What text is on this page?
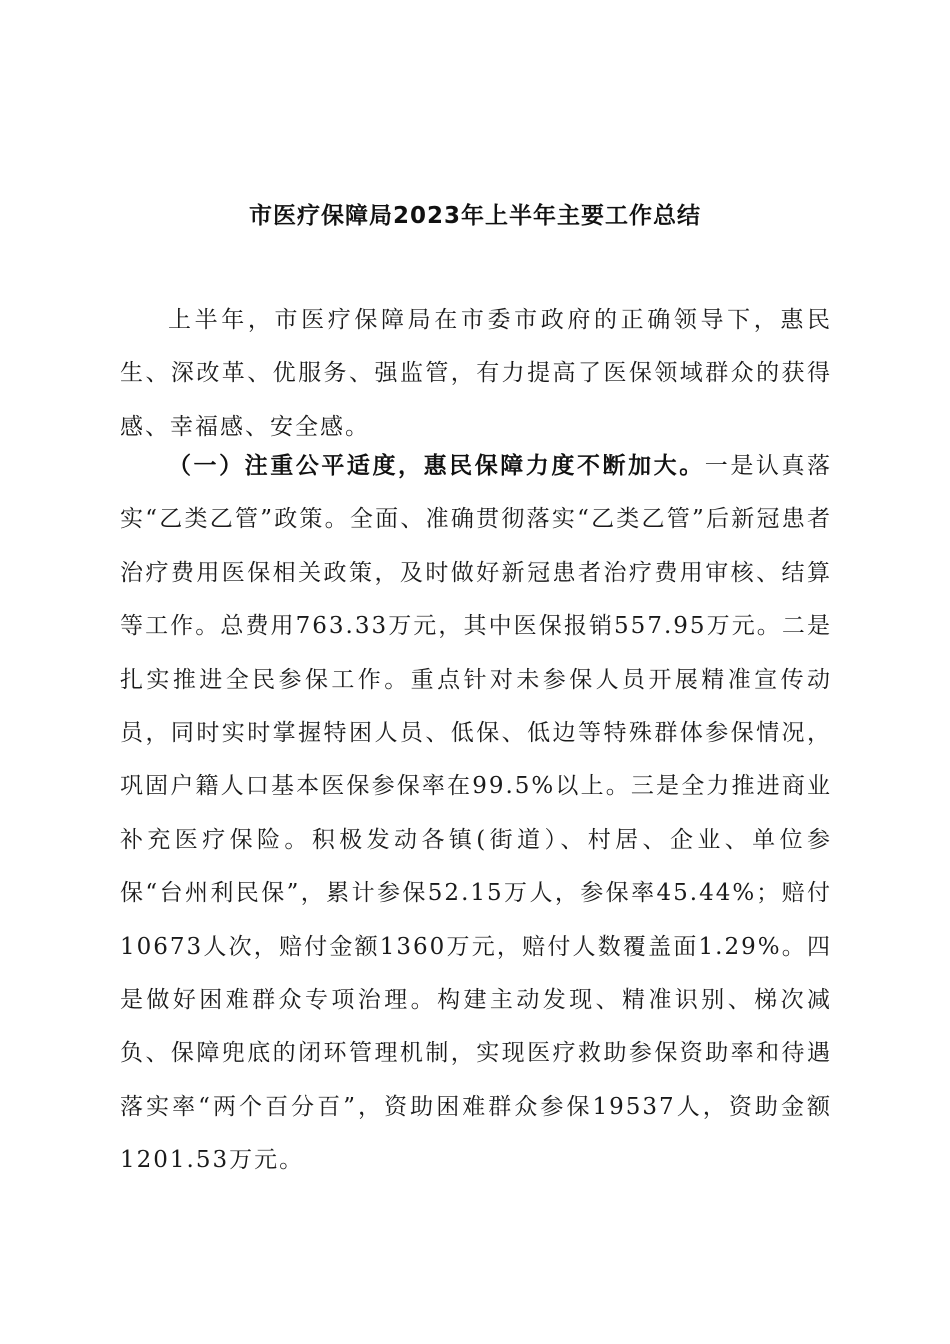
市医疗保障局2023年上半年主要工作总结

上半年，市医疗保障局在市委市政府的正确领导下，惠民生、深改革、优服务、强监管，有力提高了医保领域群众的获得感、幸福感、安全感。

（一）注重公平适度，惠民保障力度不断加大。一是认真落实“乙类乙管”政策。全面、准确贯彻落实“乙类乙管”后新冠患者治疗费用医保相关政策，及时做好新冠患者治疗费用审核、结算等工作。总费用763.33万元，其中医保报销557.95万元。二是扎实推进全民参保工作。重点针对未参保人员开展精准宣传动员，同时实时掌握特困人员、低保、低边等特殊群体参保情况，巩固户籍人口基本医保参保率在99.5%以上。三是全力推进商业补充医疗保险。积极发动各镇(街道）、村居、企业、单位参保“台州利民保”，累计参保52.15万人，参保率45.44%；赔付10673人次，赔付金额1360万元，赔付人数覆盖面1.29%。四是做好困难群众专项治理。构建主动发现、精准识别、梯次减负、保障兜底的闭环管理机制，实现医疗救助参保资助率和待遇落实率“两个百分百”，资助困难群众参保19537人，资助金额1201.53万元。
